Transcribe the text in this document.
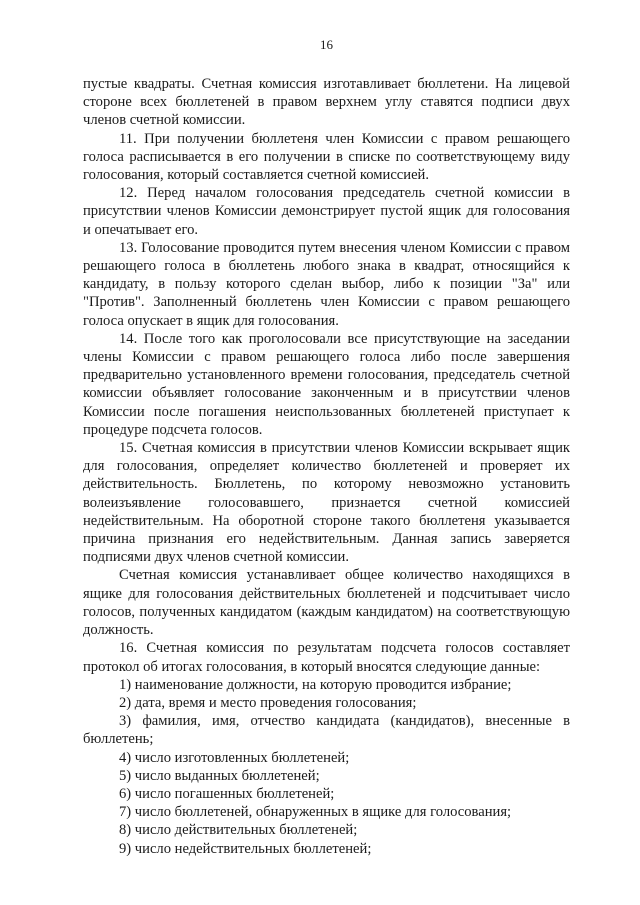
16

пустые квадраты. Счетная комиссия изготавливает бюллетени. На лицевой стороне всех бюллетеней в правом верхнем углу ставятся подписи двух членов счетной комиссии.

11. При получении бюллетеня член Комиссии с правом решающего голоса расписывается в его получении в списке по соответствующему виду голосования, который составляется счетной комиссией.

12. Перед началом голосования председатель счетной комиссии в присутствии членов Комиссии демонстрирует пустой ящик для голосования и опечатывает его.

13. Голосование проводится путем внесения членом Комиссии с правом решающего голоса в бюллетень любого знака в квадрат, относящийся к кандидату, в пользу которого сделан выбор, либо к позиции "За" или "Против". Заполненный бюллетень член Комиссии с правом решающего голоса опускает в ящик для голосования.

14. После того как проголосовали все присутствующие на заседании члены Комиссии с правом решающего голоса либо после завершения предварительно установленного времени голосования, председатель счетной комиссии объявляет голосование законченным и в присутствии членов Комиссии после погашения неиспользованных бюллетеней приступает к процедуре подсчета голосов.

15. Счетная комиссия в присутствии членов Комиссии вскрывает ящик для голосования, определяет количество бюллетеней и проверяет их действительность. Бюллетень, по которому невозможно установить волеизъявление голосовавшего, признается счетной комиссией недействительным. На оборотной стороне такого бюллетеня указывается причина признания его недействительным. Данная запись заверяется подписями двух членов счетной комиссии.

Счетная комиссия устанавливает общее количество находящихся в ящике для голосования действительных бюллетеней и подсчитывает число голосов, полученных кандидатом (каждым кандидатом) на соответствующую должность.

16. Счетная комиссия по результатам подсчета голосов составляет протокол об итогах голосования, в который вносятся следующие данные:

1) наименование должности, на которую проводится избрание;

2) дата, время и место проведения голосования;

3) фамилия, имя, отчество кандидата (кандидатов), внесенные в бюллетень;

4) число изготовленных бюллетеней;

5) число выданных бюллетеней;

6) число погашенных бюллетеней;

7) число бюллетеней, обнаруженных в ящике для голосования;

8) число действительных бюллетеней;

9) число недействительных бюллетеней;
